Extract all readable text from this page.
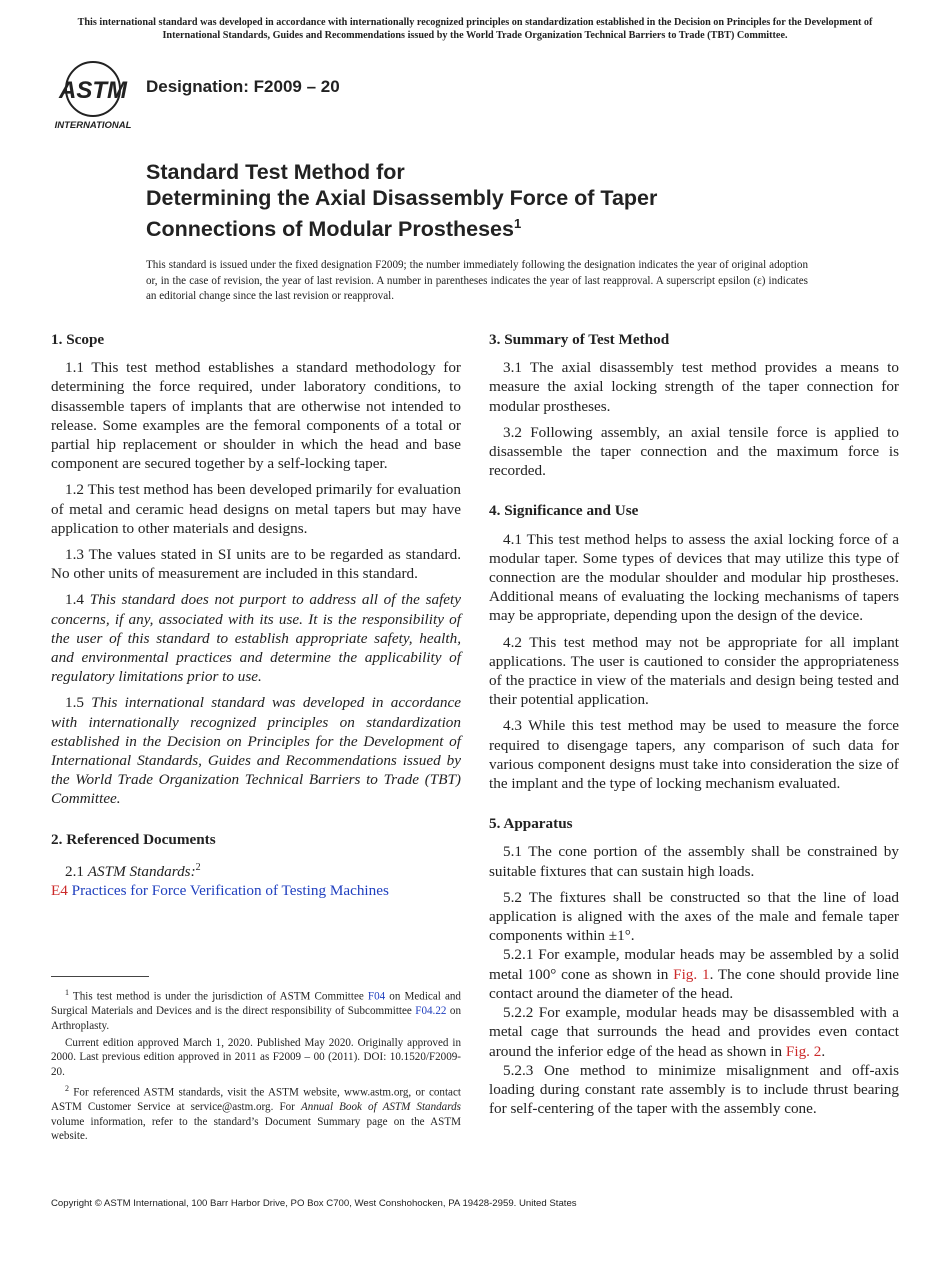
This international standard was developed in accordance with internationally recognized principles on standardization established in the Decision on Principles for the Development of International Standards, Guides and Recommendations issued by the World Trade Organization Technical Barriers to Trade (TBT) Committee.
ASTM
INTERNATIONAL
Designation: F2009 – 20
Standard Test Method for
Determining the Axial Disassembly Force of Taper
Connections of Modular Prostheses$^1$
This standard is issued under the fixed designation F2009; the number immediately following the designation indicates the year of original adoption or, in the case of revision, the year of last revision. A number in parentheses indicates the year of last reapproval. A superscript epsilon (ε) indicates an editorial change since the last revision or reapproval.
1. Scope

1.1 This test method establishes a standard methodology for determining the force required, under laboratory conditions, to disassemble tapers of implants that are otherwise not intended to release. Some examples are the femoral components of a total or partial hip replacement or shoulder in which the head and base component are secured together by a self-locking taper.

1.2 This test method has been developed primarily for evaluation of metal and ceramic head designs on metal tapers but may have application to other materials and designs.

1.3 The values stated in SI units are to be regarded as standard. No other units of measurement are included in this standard.

1.4 This standard does not purport to address all of the safety concerns, if any, associated with its use. It is the responsibility of the user of this standard to establish appropriate safety, health, and environmental practices and determine the applicability of regulatory limitations prior to use.

1.5 This international standard was developed in accordance with internationally recognized principles on standardization established in the Decision on Principles for the Development of International Standards, Guides and Recommendations issued by the World Trade Organization Technical Barriers to Trade (TBT) Committee.

2. Referenced Documents
2.1 ASTM Standards:$^2$
E4 Practices for Force Verification of Testing Machines
3. Summary of Test Method

3.1 The axial disassembly test method provides a means to measure the axial locking strength of the taper connection for modular prostheses.

3.2 Following assembly, an axial tensile force is applied to disassemble the taper connection and the maximum force is recorded.

4. Significance and Use

4.1 This test method helps to assess the axial locking force of a modular taper. Some types of devices that may utilize this type of connection are the modular shoulder and modular hip prostheses. Additional means of evaluating the locking mechanisms of tapers may be appropriate, depending upon the design of the device.

4.2 This test method may not be appropriate for all implant applications. The user is cautioned to consider the appropriateness of the practice in view of the materials and design being tested and their potential application.

4.3 While this test method may be used to measure the force required to disengage tapers, any comparison of such data for various component designs must take into consideration the size of the implant and the type of locking mechanism evaluated.

5. Apparatus

5.1 The cone portion of the assembly shall be constrained by suitable fixtures that can sustain high loads.

5.2 The fixtures shall be constructed so that the line of load application is aligned with the axes of the male and female taper components within ±1°.

5.2.1 For example, modular heads may be assembled by a solid metal 100° cone as shown in Fig. 1. The cone should provide line contact around the diameter of the head.

5.2.2 For example, modular heads may be disassembled with a metal cage that surrounds the head and provides even contact around the inferior edge of the head as shown in Fig. 2.

5.2.3 One method to minimize misalignment and off-axis loading during constant rate assembly is to include thrust bearing for self-centering of the taper with the assembly cone.

$^1$ This test method is under the jurisdiction of ASTM Committee F04 on Medical and Surgical Materials and Devices and is the direct responsibility of Subcommittee F04.22 on Arthroplasty.

Current edition approved March 1, 2020. Published May 2020. Originally approved in 2000. Last previous edition approved in 2011 as F2009 – 00 (2011). DOI: 10.1520/F2009-20.

$^2$ For referenced ASTM standards, visit the ASTM website, www.astm.org, or contact ASTM Customer Service at service@astm.org. For Annual Book of ASTM Standards volume information, refer to the standard’s Document Summary page on the ASTM website.

Copyright © ASTM International, 100 Barr Harbor Drive, PO Box C700, West Conshohocken, PA 19428-2959. United States
